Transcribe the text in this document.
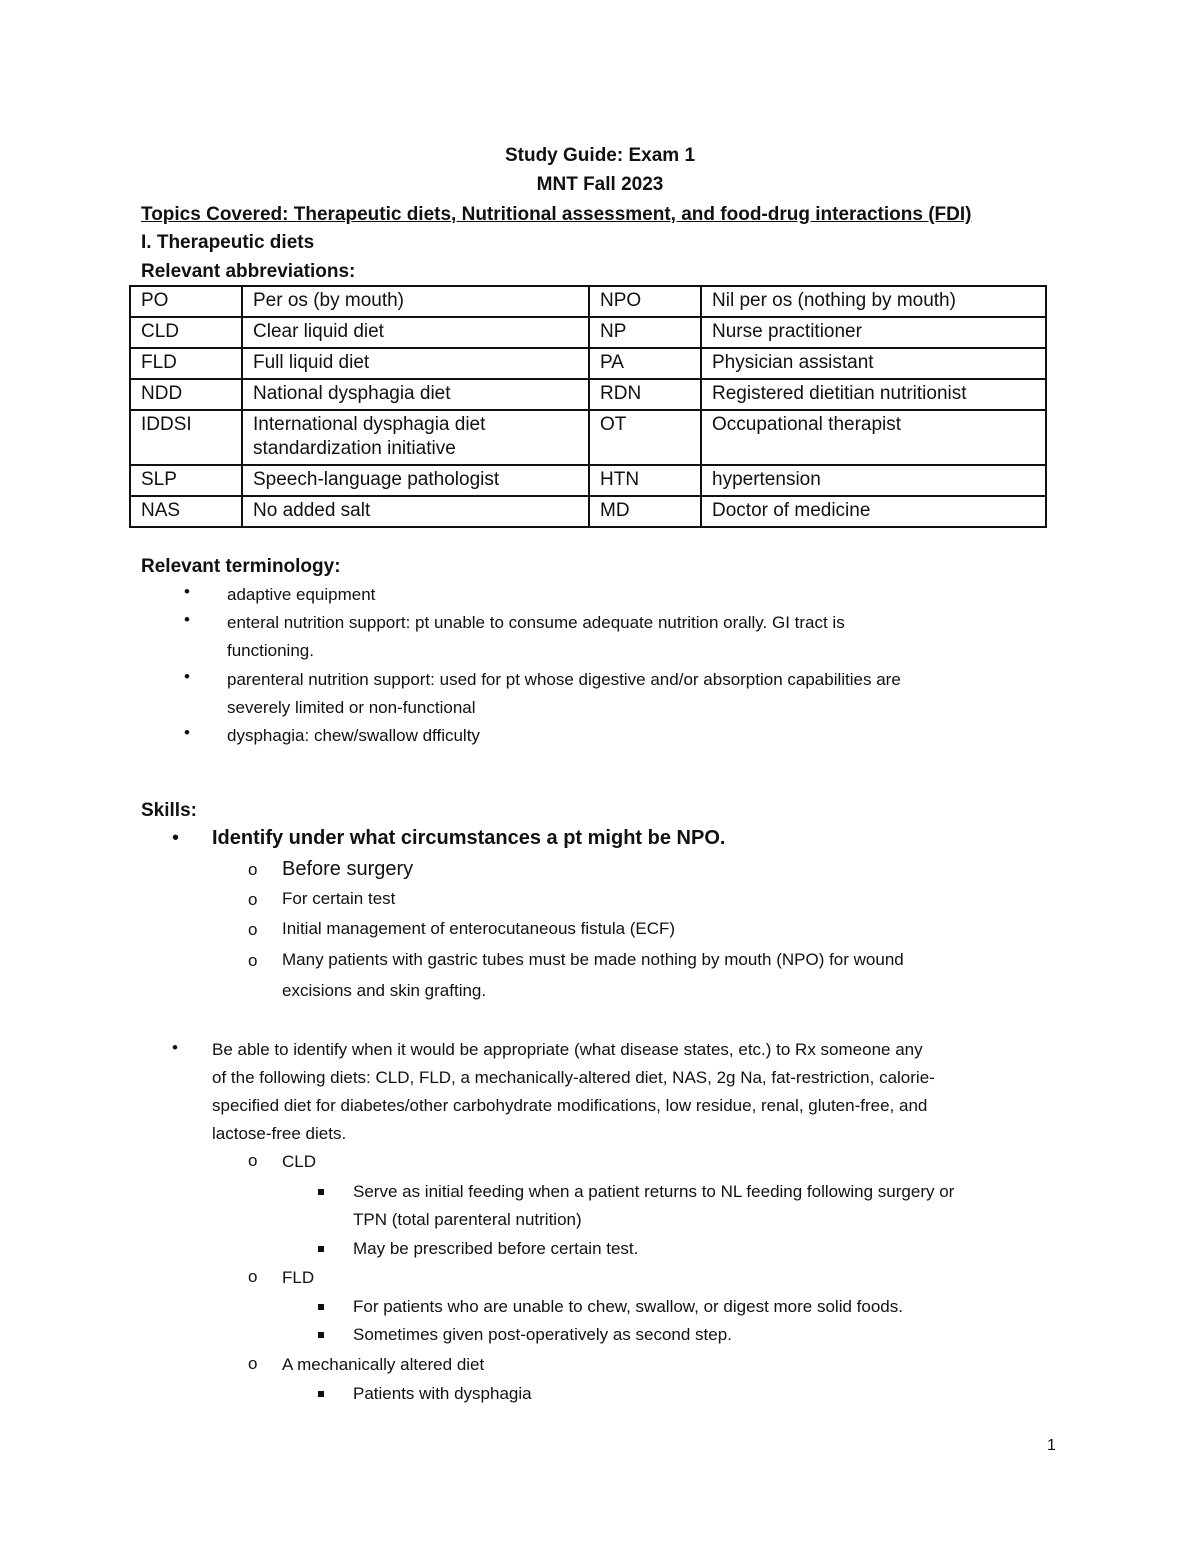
Study Guide: Exam 1
MNT Fall 2023
Topics Covered: Therapeutic diets, Nutritional assessment, and food-drug interactions (FDI)
I. Therapeutic diets
Relevant abbreviations:
PO	Per os (by mouth)	NPO	Nil per os (nothing by mouth)
CLD	Clear liquid diet	NP	Nurse practitioner
FLD	Full liquid diet	PA	Physician assistant
NDD	National dysphagia diet	RDN	Registered dietitian nutritionist
IDDSI	International dysphagia diet standardization initiative	OT	Occupational therapist
SLP	Speech-language pathologist	HTN	hypertension
NAS	No added salt	MD	Doctor of medicine
Relevant terminology:
• adaptive equipment
• enteral nutrition support: pt unable to consume adequate nutrition orally. GI tract is
functioning.
• parenteral nutrition support: used for pt whose digestive and/or absorption capabilities are
severely limited or non-functional
• dysphagia: chew/swallow dfficulty
Skills:
• Identify under what circumstances a pt might be NPO.
o Before surgery
o For certain test
o Initial management of enterocutaneous fistula (ECF)
o Many patients with gastric tubes must be made nothing by mouth (NPO) for wound
excisions and skin grafting.
• Be able to identify when it would be appropriate (what disease states, etc.) to Rx someone any
of the following diets: CLD, FLD, a mechanically-altered diet, NAS, 2g Na, fat-restriction, calorie-
specified diet for diabetes/other carbohydrate modifications, low residue, renal, gluten-free, and
lactose-free diets.
o CLD
Serve as initial feeding when a patient returns to NL feeding following surgery or
TPN (total parenteral nutrition)
May be prescribed before certain test.
o FLD
For patients who are unable to chew, swallow, or digest more solid foods.
Sometimes given post-operatively as second step.
o A mechanically altered diet
Patients with dysphagia
1
